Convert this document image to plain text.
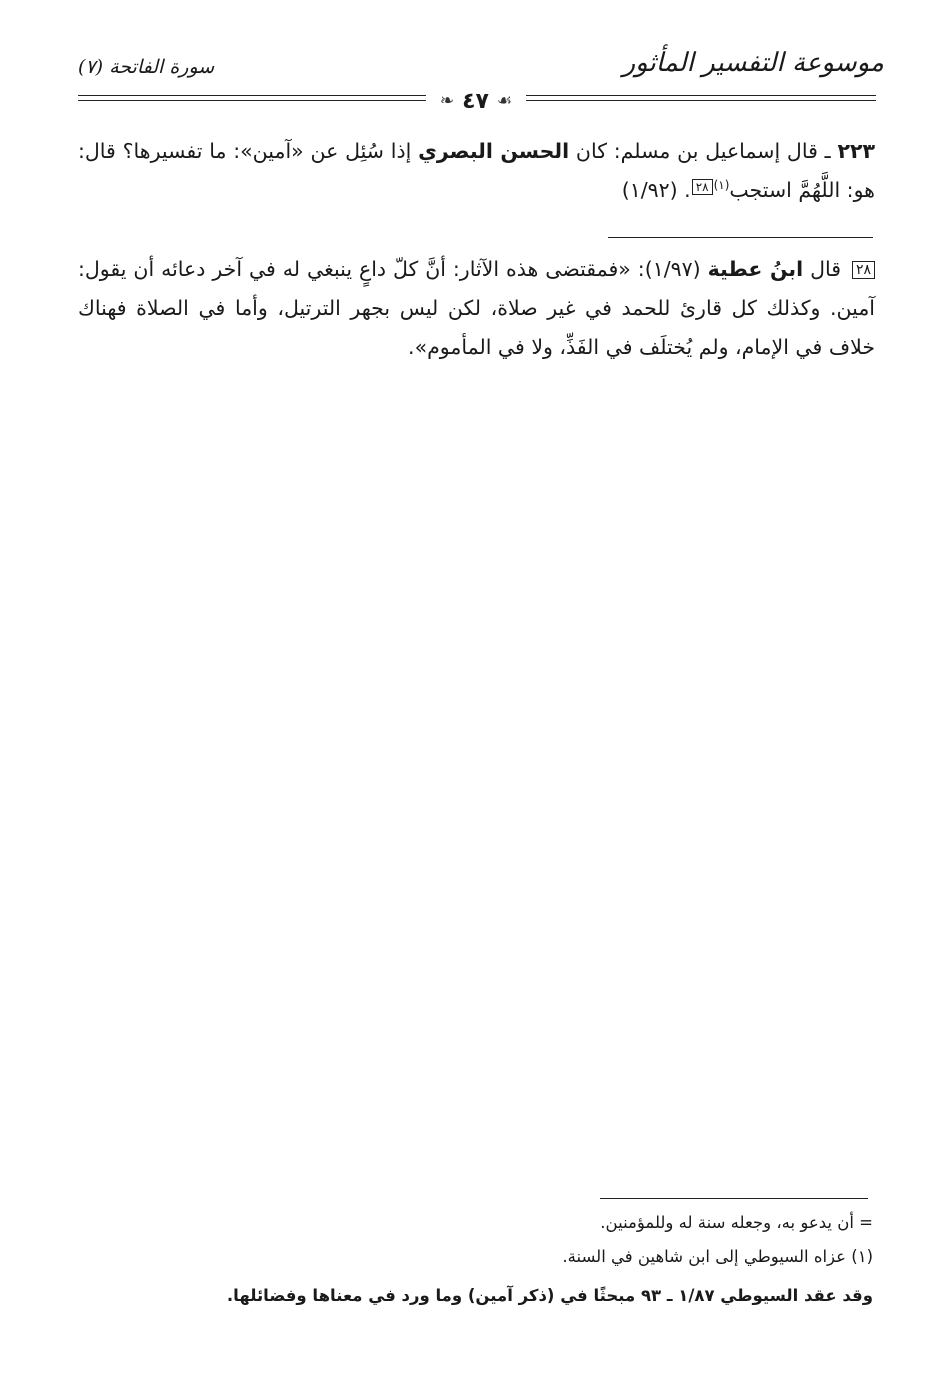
موسوعة التفسير المأثور
سورة الفاتحة (٧)
❧ ٤٧ ☙
٢٢٣ ـ قال إسماعيل بن مسلم: كان الحسن البصري إذا سُئِل عن «آمين»: ما تفسيرها؟ قال: هو: اللَّهُمَّ استجب$^{(١)}$٢٨. (١/٩٢)
٢٨ قال ابنُ عطية (١/٩٧): «فمقتضى هذه الآثار: أنَّ كلّ داعٍ ينبغي له في آخر دعائه أن يقول: آمين. وكذلك كل قارئ للحمد في غير صلاة، لكن ليس بجهر الترتيل، وأما في الصلاة فهناك خلاف في الإمام، ولم يُختلَف في الفَذِّ، ولا في المأموم».
= أن يدعو به، وجعله سنة له وللمؤمنين.
(١) عزاه السيوطي إلى ابن شاهين في السنة.
وقد عقد السيوطي ١/٨٧ ـ ٩٣ مبحثًا في (ذكر آمين) وما ورد في معناها وفضائلها.
